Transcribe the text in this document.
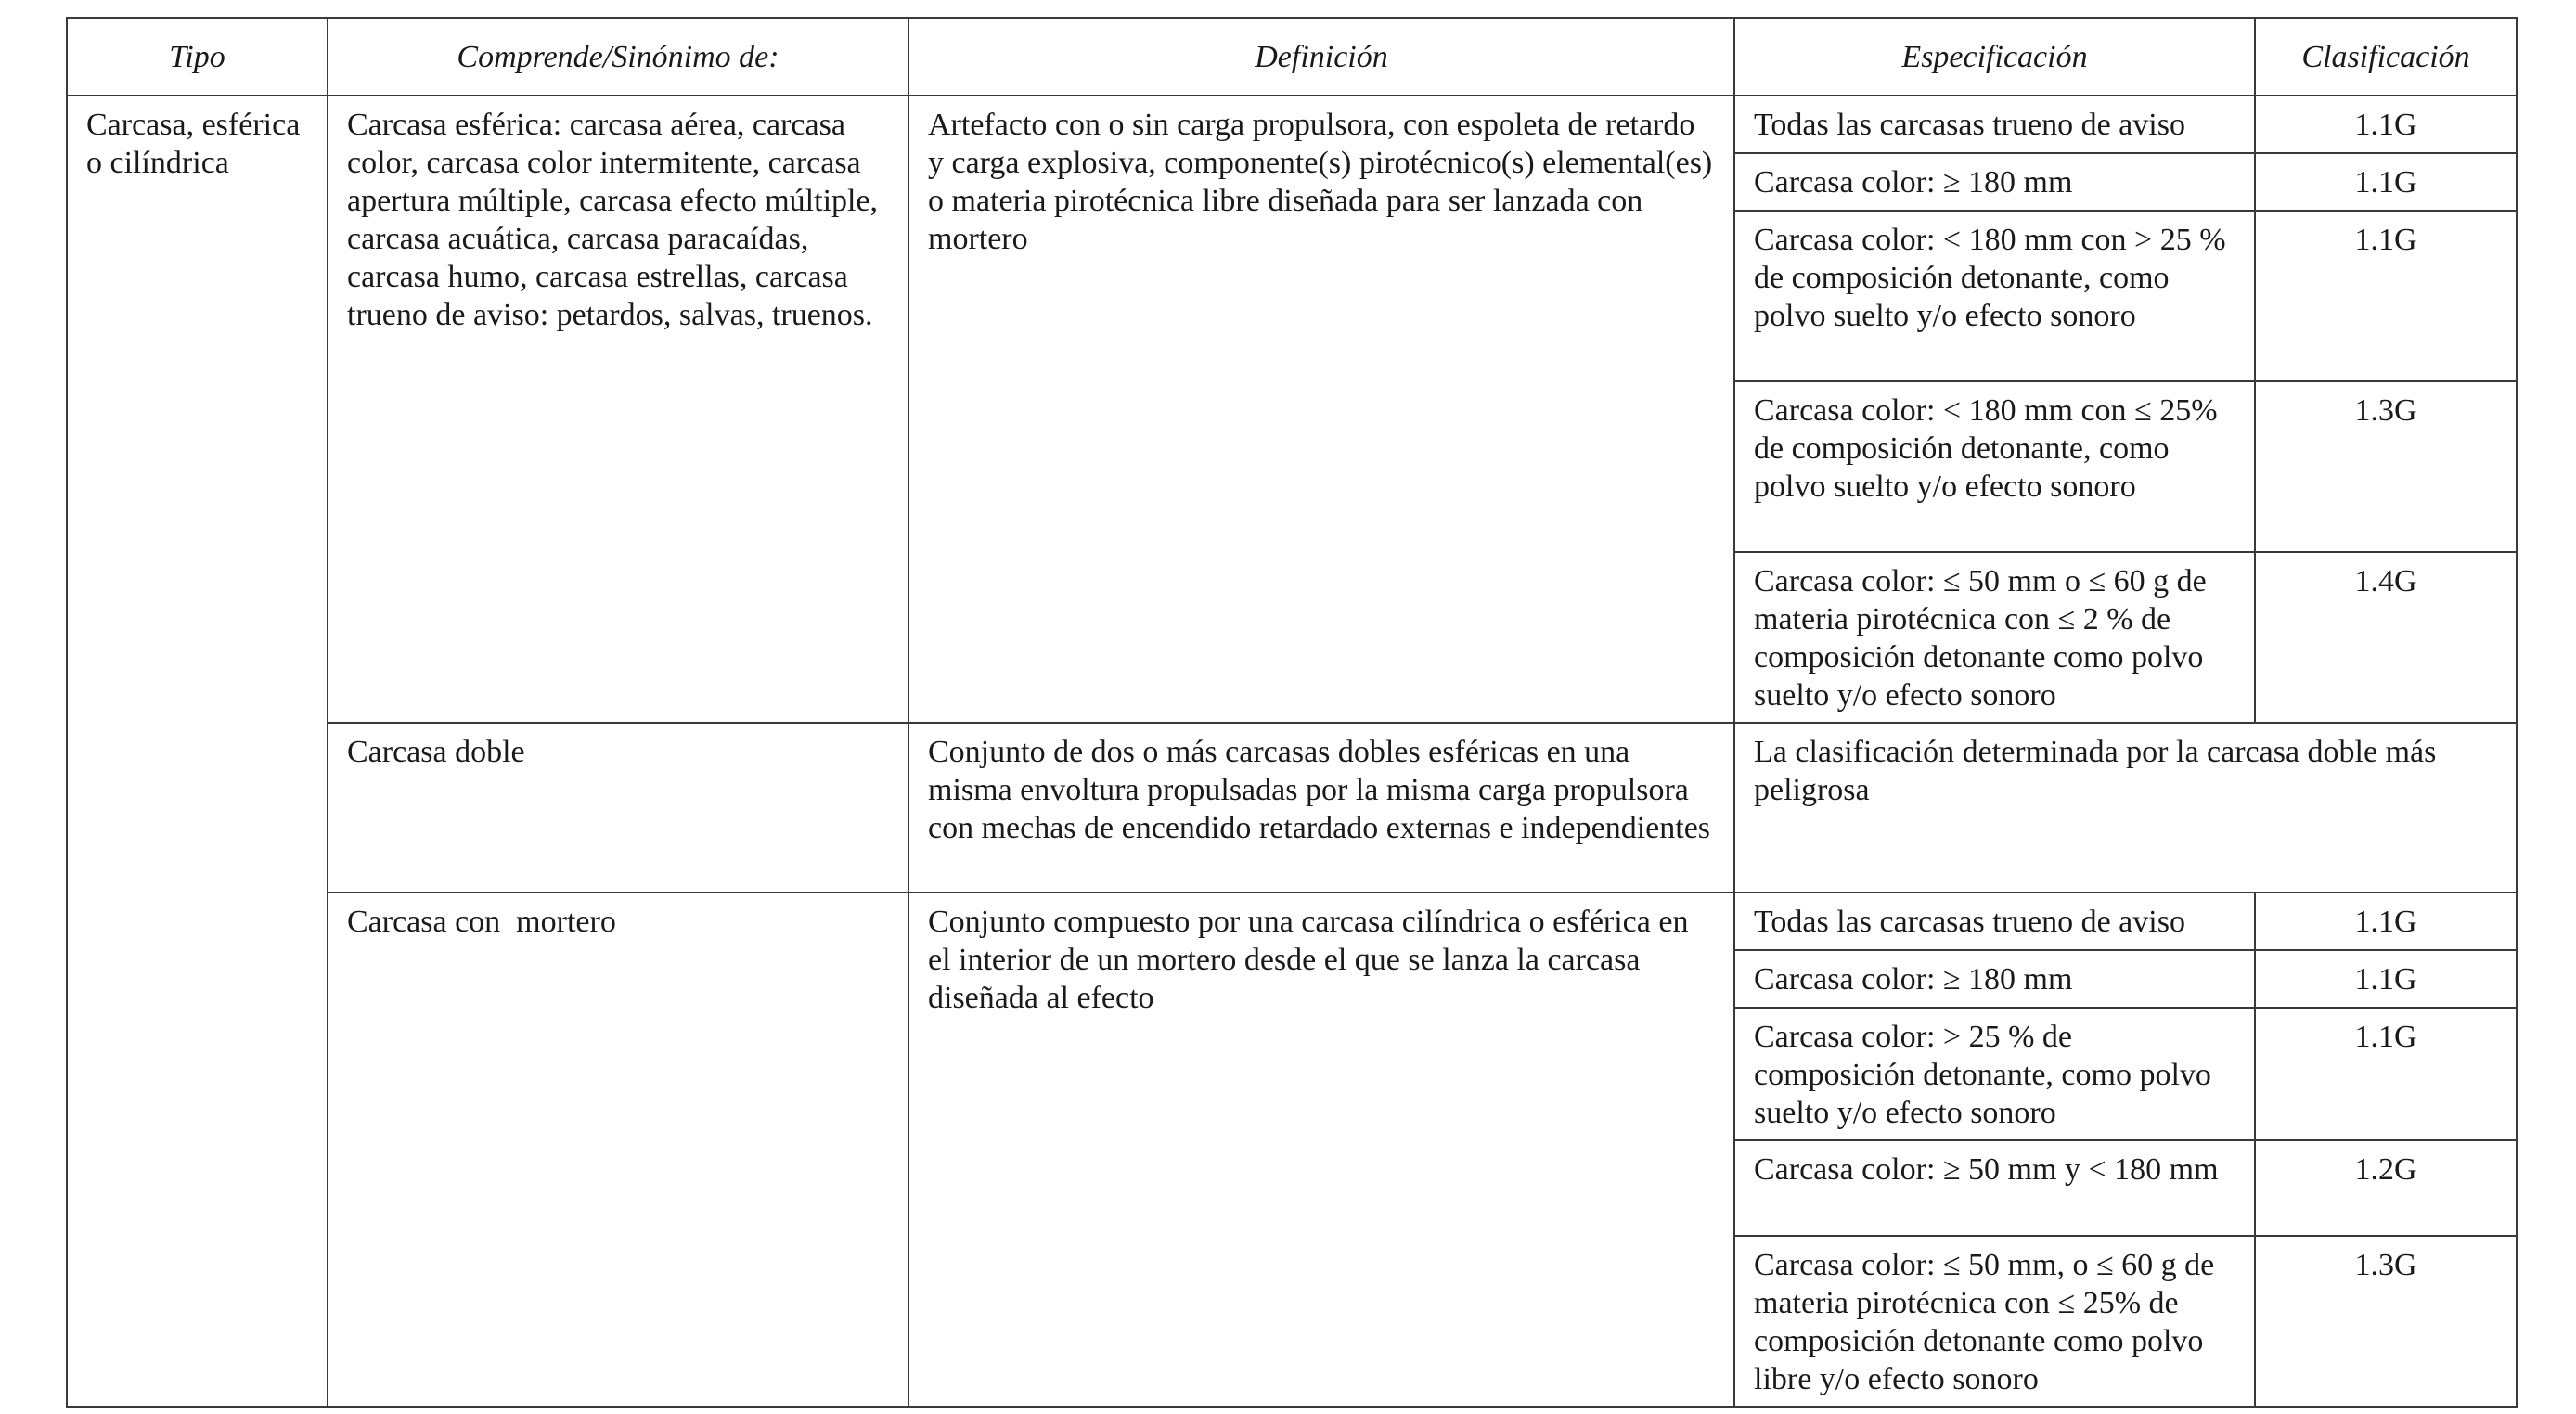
Tipo	Comprende/Sinónimo de:	Definición	Especificación	Clasificación

Carcasa, esférica o cilíndrica	Carcasa esférica: carcasa aérea, carcasa color, carcasa color intermitente, carcasa apertura múltiple, carcasa efecto múltiple, carcasa acuática, carcasa paracaídas, carcasa humo, carcasa estrellas, carcasa trueno de aviso: petardos, salvas, truenos.	Artefacto con o sin carga propulsora, con espoleta de retardo y carga explosiva, componente(s) pirotécnico(s) elemental(es) o materia pirotécnica libre diseñada para ser lanzada con mortero	Todas las carcasas trueno de aviso	1.1G

			Carcasa color: ≥ 180 mm	1.1G

			Carcasa color: < 180 mm con > 25 % de composición detonante, como polvo suelto y/o efecto sonoro	1.1G

			Carcasa color: < 180 mm con ≤ 25% de composición detonante, como polvo suelto y/o efecto sonoro	1.3G

			Carcasa color: ≤ 50 mm o ≤ 60 g de materia pirotécnica con ≤ 2 % de composición detonante como polvo suelto y/o efecto sonoro	1.4G

	Carcasa doble	Conjunto de dos o más carcasas dobles esféricas en una misma envoltura propulsadas por la misma carga propulsora con mechas de encendido retardado externas e independientes	La clasificación determinada por la carcasa doble más peligrosa	

	Carcasa con  mortero	Conjunto compuesto por una carcasa cilíndrica o esférica en el interior de un mortero desde el que se lanza la carcasa diseñada al efecto	Todas las carcasas trueno de aviso	1.1G

			Carcasa color: ≥ 180 mm	1.1G

			Carcasa color: > 25 % de composición detonante, como polvo suelto y/o efecto sonoro	1.1G

			Carcasa color: ≥ 50 mm y < 180 mm	1.2G

			Carcasa color: ≤ 50 mm, o ≤ 60 g de materia pirotécnica con ≤ 25% de composición detonante como polvo libre y/o efecto sonoro	1.3G
